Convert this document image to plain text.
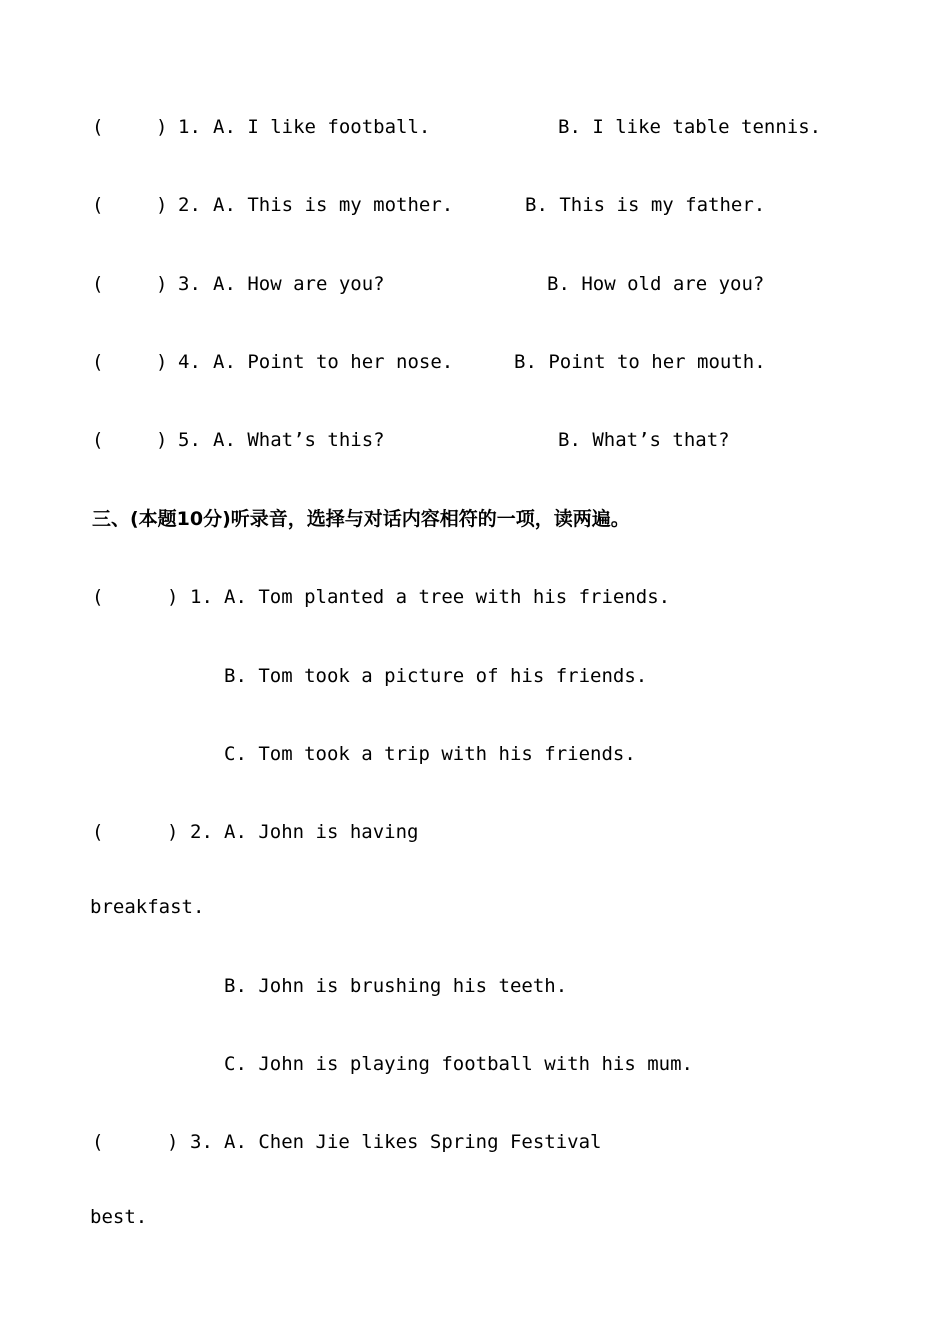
(	) 1. A. I like football.	B. I like table tennis.
(	) 2. A. This is my mother.	B. This is my father.
(	) 3. A. How are you?	B. How old are you?
(	) 4. A. Point to her nose.	B. Point to her mouth.
(	) 5. A. What’s this?	B. What’s that?
三、(本题10分)听录音，选择与对话内容相符的一项，读两遍。
(	) 1. A. Tom planted a tree with his friends.
B. Tom took a picture of his friends.
C. Tom took a trip with his friends.
(	) 2. A. John is having
breakfast.
B. John is brushing his teeth.
C. John is playing football with his mum.
(	) 3. A. Chen Jie likes Spring Festival
best.
